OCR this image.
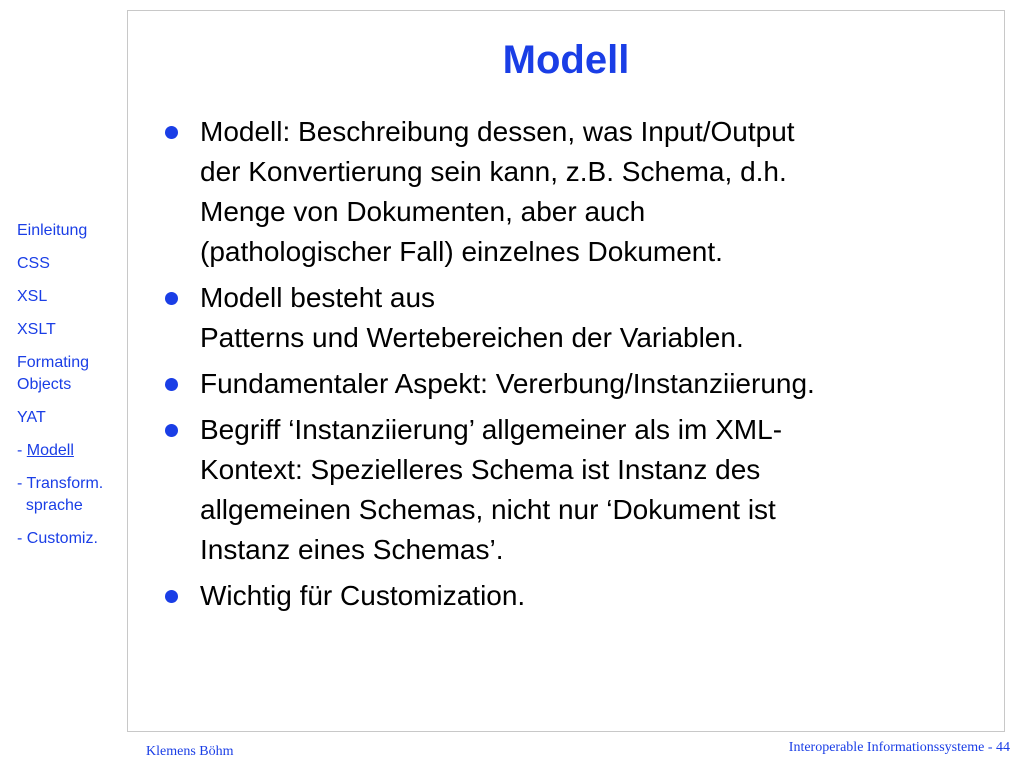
Modell
Modell: Beschreibung dessen, was Input/Output
der Konvertierung sein kann, z.B. Schema, d.h.
Menge von Dokumenten, aber auch
(pathologischer Fall) einzelnes Dokument.
Modell besteht aus
Patterns und Wertebereichen der Variablen.
Fundamentaler Aspekt: Vererbung/Instanziierung.
Begriff ‘Instanziierung’ allgemeiner als im XML-
Kontext: Spezielleres Schema ist Instanz des
allgemeinen Schemas, nicht nur ‘Dokument ist
Instanz eines Schemas’.
Wichtig für Customization.
Einleitung
CSS
XSL
XSLT
Formating
Objects
YAT
- Modell
- Transform.
sprache
- Customiz.
Klemens Böhm	Interoperable Informationssysteme - 44
